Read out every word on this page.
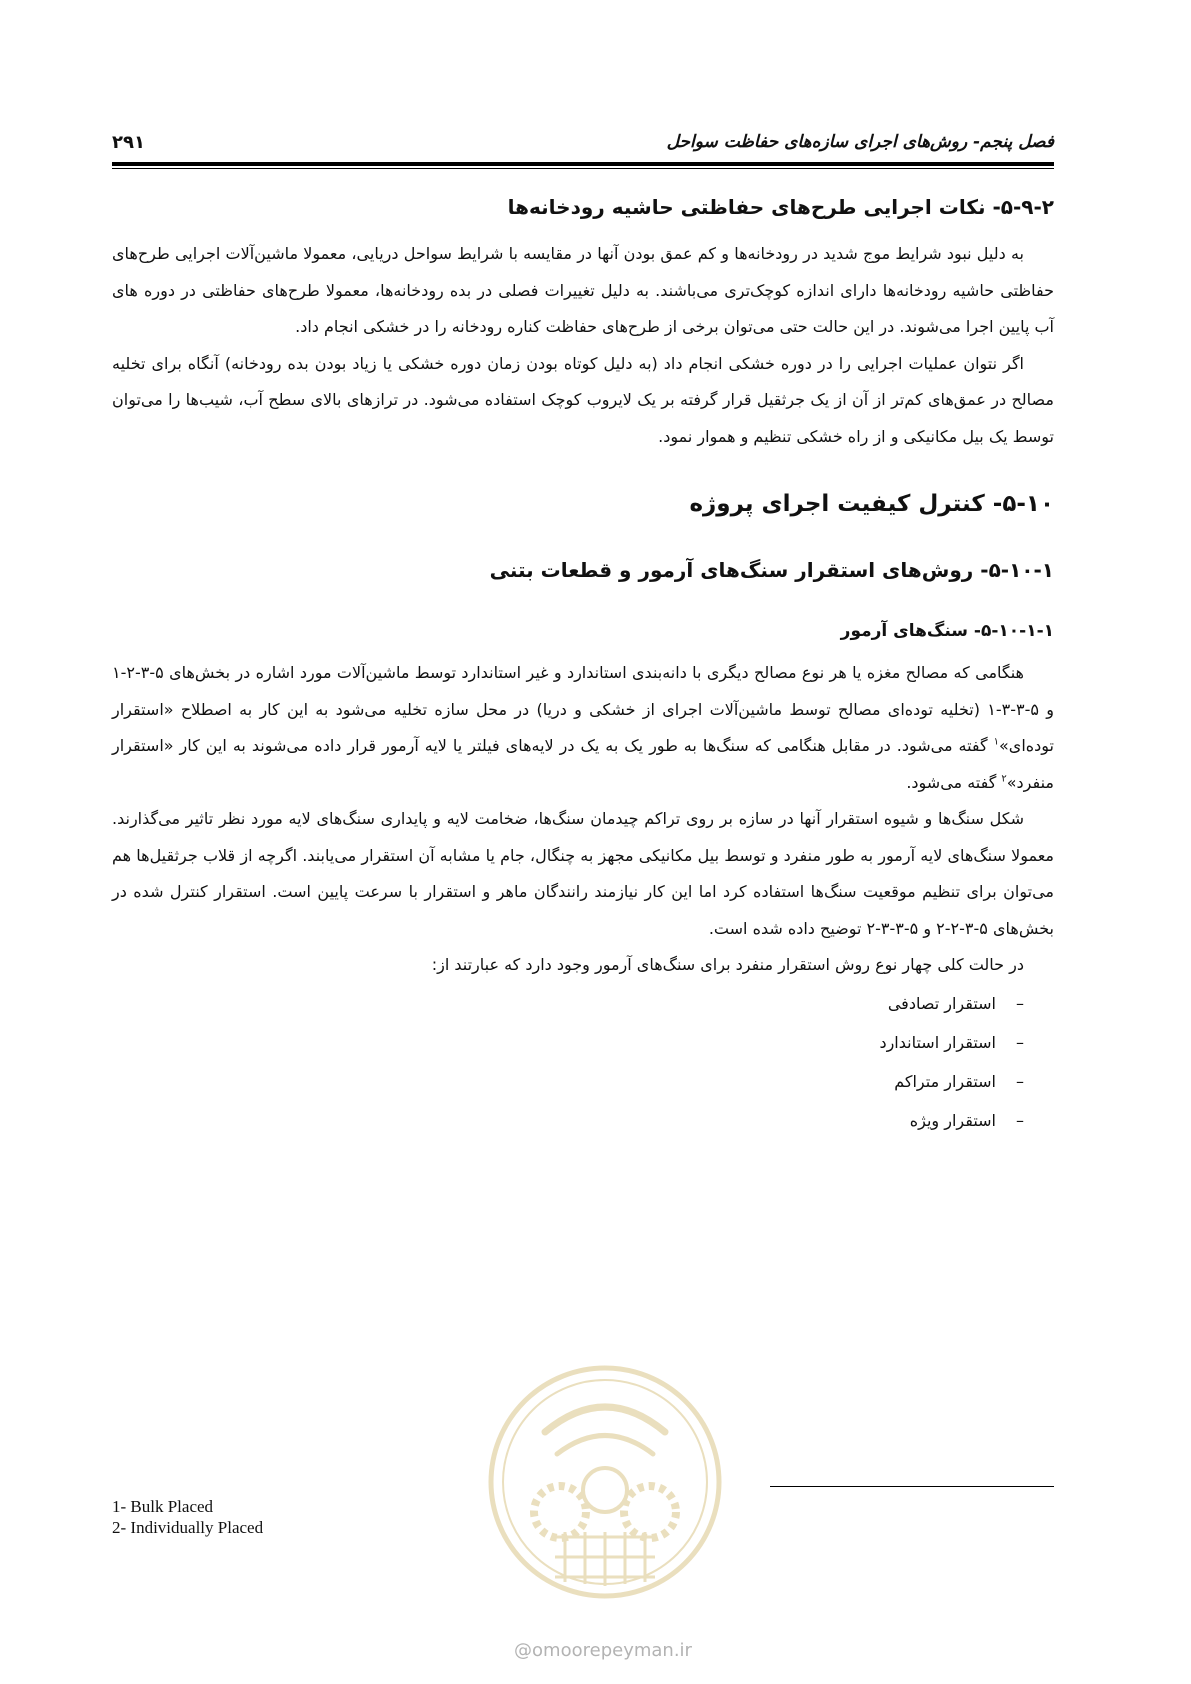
فصل پنجم- روش‌های اجرای سازه‌های حفاظت سواحل
۲۹۱
۵-۹-۲- نکات اجرایی طرح‌های حفاظتی حاشیه رودخانه‌ها

به دلیل نبود شرایط موج شدید در رودخانه‌ها و کم عمق بودن آنها در مقایسه با شرایط سواحل دریایی، معمولا ماشین‌آلات اجرایی طرح‌های حفاظتی حاشیه رودخانه‌ها دارای اندازه کوچک‌تری می‌باشند. به دلیل تغییرات فصلی در بده رودخانه‌ها، معمولا طرح‌های حفاظتی در دوره های آب پایین اجرا می‌شوند. در این حالت حتی می‌توان برخی از طرح‌های حفاظت کناره رودخانه را در خشکی انجام داد.

اگر نتوان عملیات اجرایی را در دوره خشکی انجام داد (به دلیل کوتاه بودن زمان دوره خشکی یا زیاد بودن بده رودخانه) آنگاه برای تخلیه مصالح در عمق‌های کم‌تر از آن از یک جرثقیل قرار گرفته بر یک لایروب کوچک استفاده می‌شود. در ترازهای بالای سطح آب، شیب‌ها را می‌توان توسط یک بیل مکانیکی و از راه خشکی تنظیم و هموار نمود.

۵-۱۰- کنترل کیفیت اجرای پروژه
۵-۱۰-۱- روش‌های استقرار سنگ‌های آرمور و قطعات بتنی
۵-۱۰-۱-۱- سنگ‌های آرمور

هنگامی که مصالح مغزه یا هر نوع مصالح دیگری با دانه‌بندی استاندارد و غیر استاندارد توسط ماشین‌آلات مورد اشاره در بخش‌های ۵-۳-۲-۱ و ۵-۳-۳-۱ (تخلیه توده‌ای مصالح توسط ماشین‌آلات اجرای از خشکی و دریا) در محل سازه تخلیه می‌شود به این کار به اصطلاح «استقرار توده‌ای»$^۱$ گفته می‌شود. در مقابل هنگامی که سنگ‌ها به طور یک به یک در لایه‌های فیلتر یا لایه آرمور قرار داده می‌شوند به این کار «استقرار منفرد»$^۲$ گفته می‌شود.

شکل سنگ‌ها و شیوه استقرار آنها در سازه بر روی تراکم چیدمان سنگ‌ها، ضخامت لایه و پایداری سنگ‌های لایه مورد نظر تاثیر می‌گذارند. معمولا سنگ‌های لایه آرمور به طور منفرد و توسط بیل مکانیکی مجهز به چنگال، جام یا مشابه آن استقرار می‌یابند. اگرچه از قلاب جرثقیل‌ها هم می‌توان برای تنظیم موقعیت سنگ‌ها استفاده کرد اما این کار نیازمند رانندگان ماهر و استقرار با سرعت پایین است. استقرار کنترل شده در بخش‌های ۵-۳-۲-۲ و ۵-۳-۳-۲ توضیح داده شده است.

در حالت کلی چهار نوع روش استقرار منفرد برای سنگ‌های آرمور وجود دارد که عبارتند از:

–استقرار تصادفی
–استقرار استاندارد
–استقرار متراکم
–استقرار ویژه
1- Bulk Placed
2- Individually Placed
@omoorepeyman.ir
